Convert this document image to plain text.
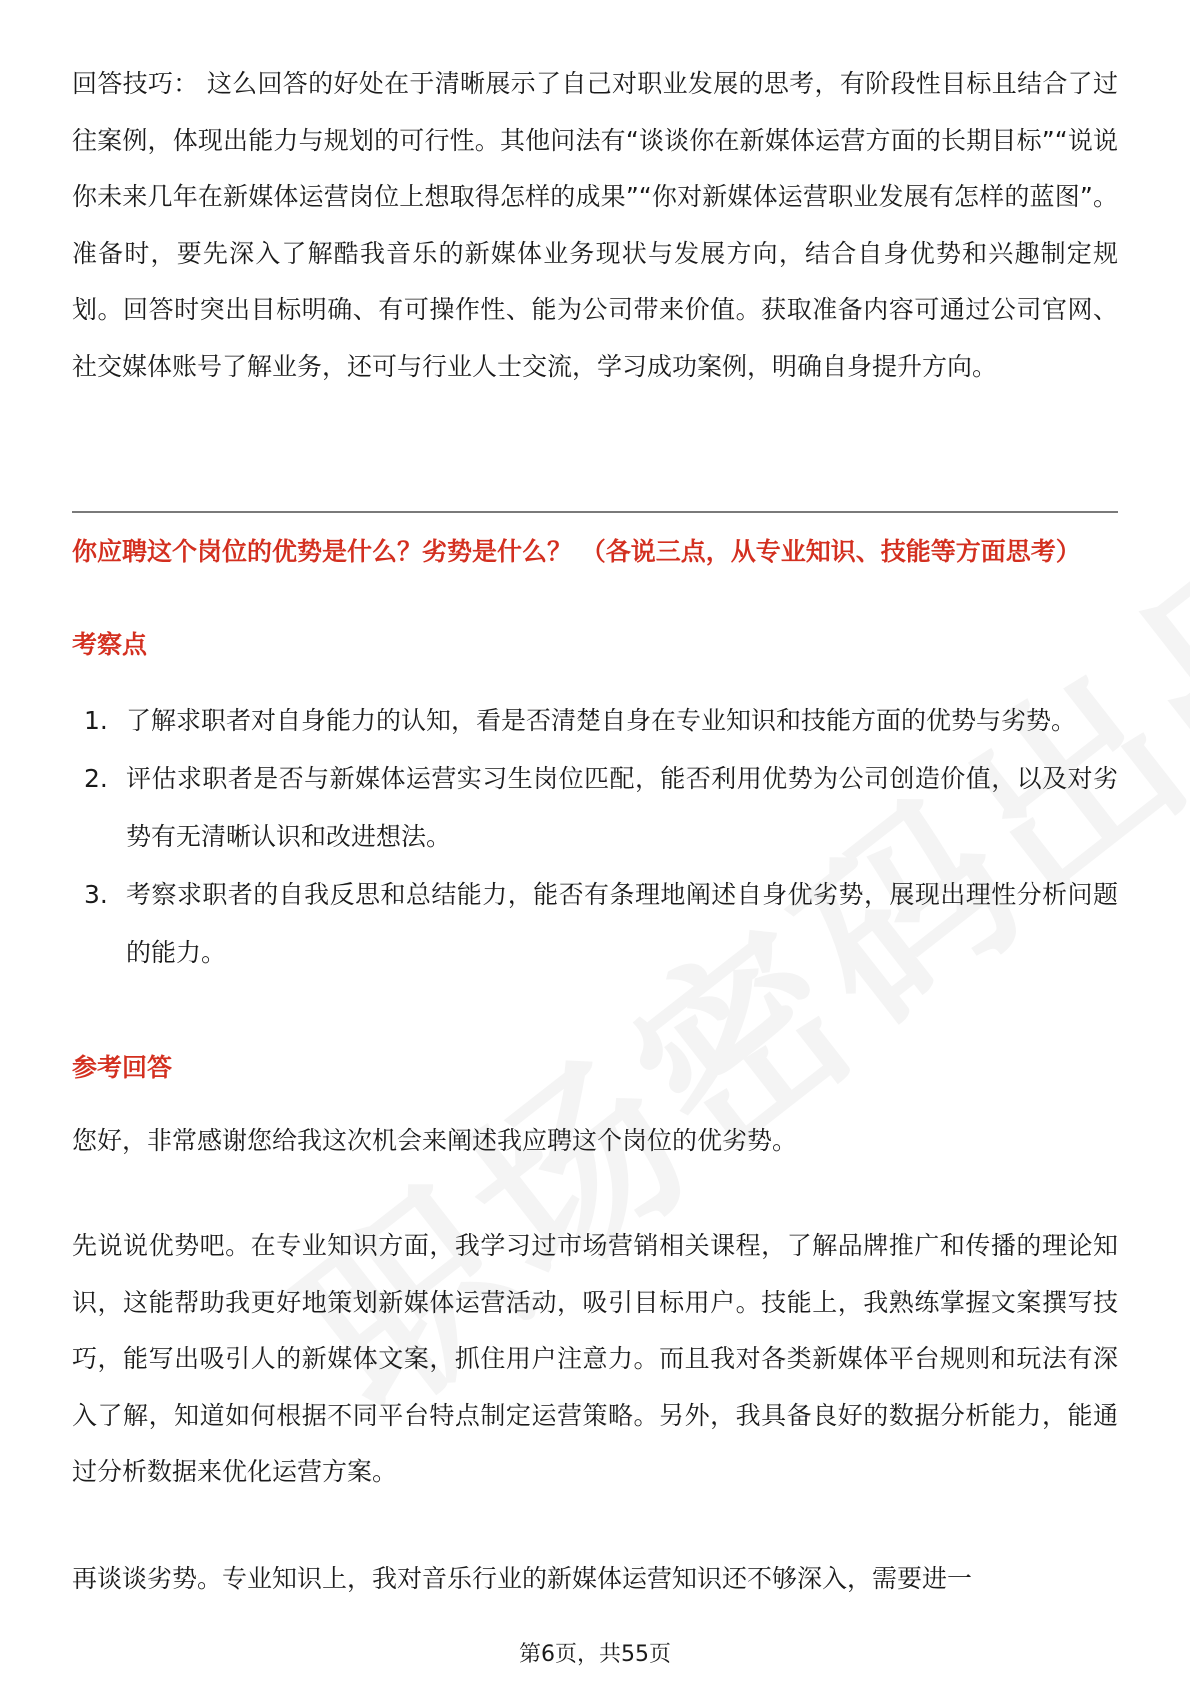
回答技巧： 这么回答的好处在于清晰展示了自己对职业发展的思考，有阶段性目标且结合了过往案例，体现出能力与规划的可行性。其他问法有“谈谈你在新媒体运营方面的长期目标”“说说你未来几年在新媒体运营岗位上想取得怎样的成果”“你对新媒体运营职业发展有怎样的蓝图”。准备时，要先深入了解酷我音乐的新媒体业务现状与发展方向，结合自身优势和兴趣制定规划。回答时突出目标明确、有可操作性、能为公司带来价值。获取准备内容可通过公司官网、社交媒体账号了解业务，还可与行业人士交流，学习成功案例，明确自身提升方向。

你应聘这个岗位的优势是什么？劣势是什么？ （各说三点，从专业知识、技能等方面思考）

考察点

1. 了解求职者对自身能力的认知，看是否清楚自身在专业知识和技能方面的优势与劣势。
2. 评估求职者是否与新媒体运营实习生岗位匹配，能否利用优势为公司创造价值，以及对劣势有无清晰认识和改进想法。
3. 考察求职者的自我反思和总结能力，能否有条理地阐述自身优劣势，展现出理性分析问题的能力。

参考回答

您好，非常感谢您给我这次机会来阐述我应聘这个岗位的优劣势。

先说说优势吧。在专业知识方面，我学习过市场营销相关课程，了解品牌推广和传播的理论知识，这能帮助我更好地策划新媒体运营活动，吸引目标用户。技能上，我熟练掌握文案撰写技巧，能写出吸引人的新媒体文案，抓住用户注意力。而且我对各类新媒体平台规则和玩法有深入了解，知道如何根据不同平台特点制定运营策略。另外，我具备良好的数据分析能力，能通过分析数据来优化运营方案。

再谈谈劣势。专业知识上，我对音乐行业的新媒体运营知识还不够深入，需要进一

第6页，共55页
